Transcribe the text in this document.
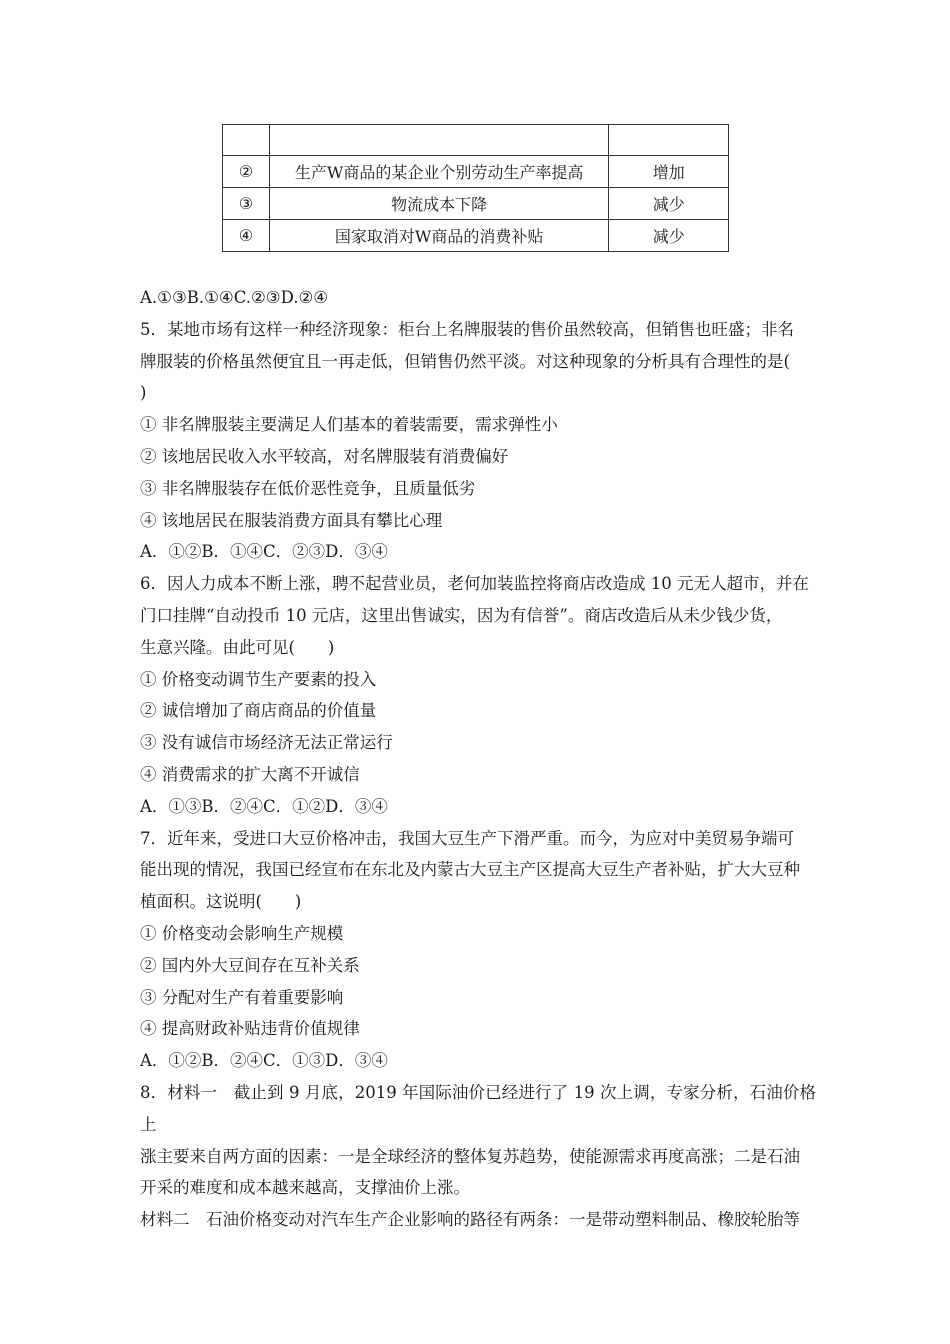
②	生产W商品的某企业个别劳动生产率提高	增加
③	物流成本下降	减少
④	国家取消对W商品的消费补贴	减少

A.①③B.①④C.②③D.②④

5．某地市场有这样一种经济现象：柜台上名牌服装的售价虽然较高，但销售也旺盛；非名

牌服装的价格虽然便宜且一再走低，但销售仍然平淡。对这种现象的分析具有合理性的是(

)

① 非名牌服装主要满足人们基本的着装需要，需求弹性小

② 该地居民收入水平较高，对名牌服装有消费偏好

③ 非名牌服装存在低价恶性竞争，且质量低劣

④ 该地居民在服装消费方面具有攀比心理

A．①②B．①④C．②③D．③④

6．因人力成本不断上涨，聘不起营业员，老何加装监控将商店改造成 10 元无人超市，并在

门口挂牌“自动投币 10 元店，这里出售诚实，因为有信誉”。商店改造后从未少钱少货，

生意兴隆。由此可见(　　)

① 价格变动调节生产要素的投入

② 诚信增加了商店商品的价值量

③ 没有诚信市场经济无法正常运行

④ 消费需求的扩大离不开诚信

A．①③B．②④C．①②D．③④

7．近年来，受进口大豆价格冲击，我国大豆生产下滑严重。而今，为应对中美贸易争端可

能出现的情况，我国已经宣布在东北及内蒙古大豆主产区提高大豆生产者补贴，扩大大豆种

植面积。这说明(　　)

① 价格变动会影响生产规模

② 国内外大豆间存在互补关系

③ 分配对生产有着重要影响

④ 提高财政补贴违背价值规律

A．①②B．②④C．①③D．③④

8．材料一　截止到 9 月底，2019 年国际油价已经进行了 19 次上调，专家分析，石油价格上

涨主要来自两方面的因素：一是全球经济的整体复苏趋势，使能源需求再度高涨；二是石油

开采的难度和成本越来越高，支撑油价上涨。

材料二　石油价格变动对汽车生产企业影响的路径有两条：一是带动塑料制品、橡胶轮胎等
